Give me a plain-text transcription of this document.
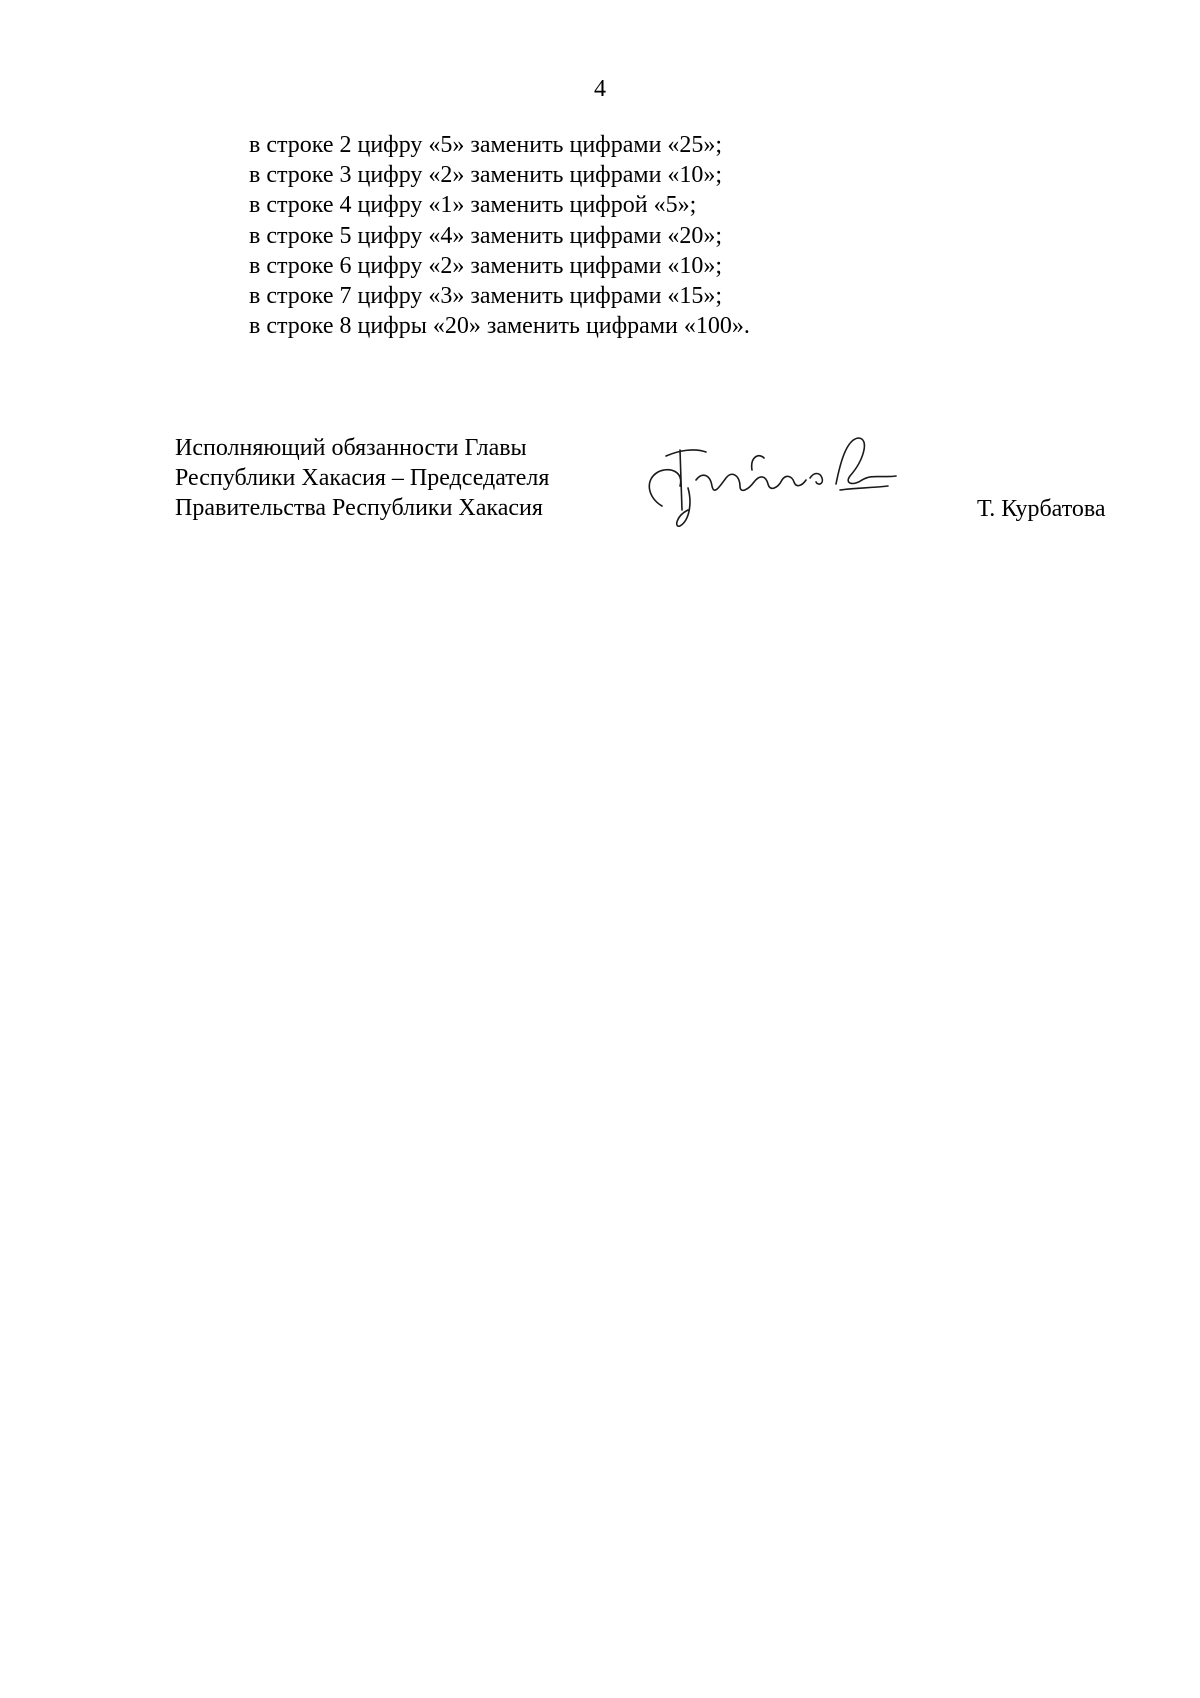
4
в строке 2 цифру «5» заменить цифрами «25»;
в строке 3 цифру «2» заменить цифрами «10»;
в строке 4 цифру «1» заменить цифрой «5»;
в строке 5 цифру «4» заменить цифрами «20»;
в строке 6 цифру «2» заменить цифрами «10»;
в строке 7 цифру «3» заменить цифрами «15»;
в строке 8 цифры «20» заменить цифрами «100».
Исполняющий обязанности Главы
Республики Хакасия – Председателя
Правительства Республики Хакасия	Т. Курбатова
